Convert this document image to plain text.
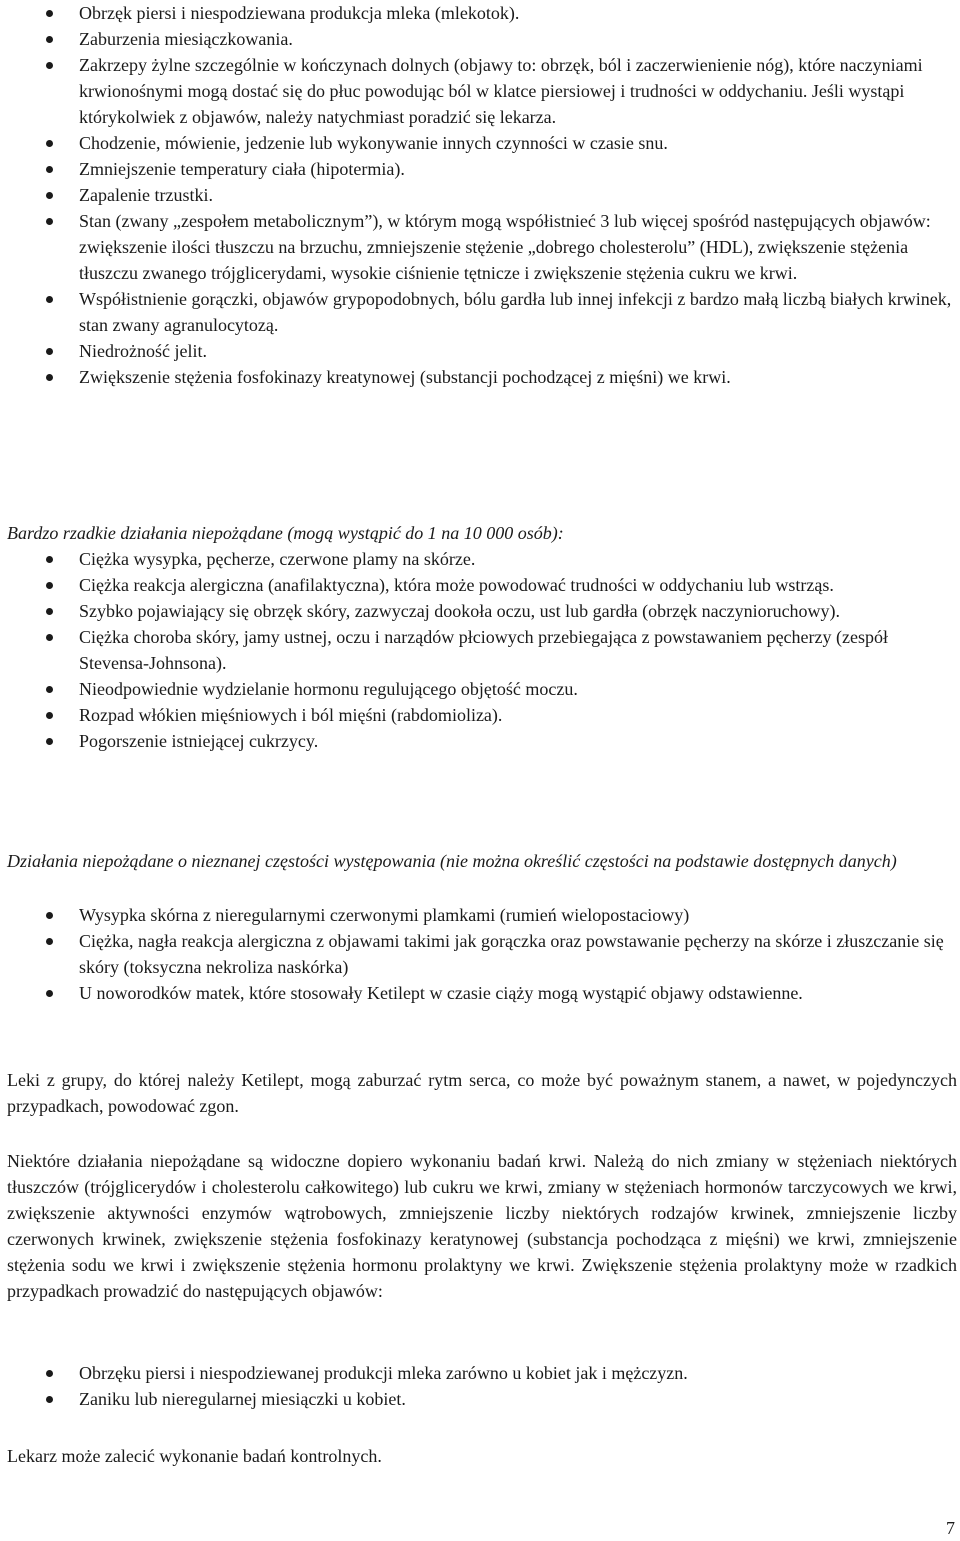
Obrzęk piersi i niespodziewana produkcja mleka (mlekotok).
Zaburzenia miesiączkowania.
Zakrzepy żylne szczególnie w kończynach dolnych (objawy to: obrzęk, ból i zaczerwienienie nóg), które naczyniami krwionośnymi mogą dostać się do płuc powodując ból w klatce piersiowej i trudności w oddychaniu. Jeśli wystąpi którykolwiek z objawów, należy natychmiast poradzić się lekarza.
Chodzenie, mówienie, jedzenie lub wykonywanie innych czynności w czasie snu.
Zmniejszenie temperatury ciała (hipotermia).
Zapalenie trzustki.
Stan (zwany „zespołem metabolicznym”), w którym mogą współistnieć 3 lub więcej spośród następujących objawów: zwiększenie ilości tłuszczu na brzuchu, zmniejszenie stężenie „dobrego cholesterolu” (HDL), zwiększenie stężenia tłuszczu zwanego trójglicerydami, wysokie ciśnienie tętnicze i zwiększenie stężenia cukru we krwi.
Współistnienie gorączki, objawów grypopodobnych, bólu gardła lub innej infekcji z bardzo małą liczbą białych krwinek, stan zwany agranulocytozą.
Niedrożność jelit.
Zwiększenie stężenia fosfokinazy kreatynowej (substancji pochodzącej z mięśni) we krwi.
Bardzo rzadkie działania niepożądane (mogą wystąpić do 1 na 10 000 osób):
Ciężka wysypka, pęcherze, czerwone plamy na skórze.
Ciężka reakcja alergiczna (anafilaktyczna), która może powodować trudności w oddychaniu lub wstrząs.
Szybko pojawiający się obrzęk skóry, zazwyczaj dookoła oczu, ust lub gardła (obrzęk naczynioruchowy).
Ciężka choroba skóry, jamy ustnej, oczu i narządów płciowych przebiegająca z powstawaniem pęcherzy (zespół Stevensa-Johnsona).
Nieodpowiednie wydzielanie hormonu regulującego objętość moczu.
Rozpad włókien mięśniowych i ból mięśni (rabdomioliza).
Pogorszenie istniejącej cukrzycy.
Działania niepożądane o nieznanej częstości występowania (nie można określić częstości na podstawie dostępnych danych)
Wysypka skórna z nieregularnymi czerwonymi plamkami (rumień wielopostaciowy)
Ciężka, nagła reakcja alergiczna z objawami takimi jak gorączka oraz powstawanie pęcherzy na skórze i złuszczanie się skóry (toksyczna nekroliza naskórka)
U noworodków matek, które stosowały Ketilept w czasie ciąży mogą wystąpić objawy odstawienne.
Leki z grupy, do której należy Ketilept, mogą zaburzać rytm serca, co może być poważnym stanem, a nawet, w pojedynczych przypadkach, powodować zgon.
Niektóre działania niepożądane są widoczne dopiero wykonaniu badań krwi. Należą do nich zmiany w stężeniach niektórych tłuszczów (trójglicerydów i cholesterolu całkowitego) lub cukru we krwi, zmiany w stężeniach hormonów tarczycowych we krwi, zwiększenie aktywności enzymów wątrobowych, zmniejszenie liczby niektórych rodzajów krwinek, zmniejszenie liczby czerwonych krwinek, zwiększenie stężenia fosfokinazy keratynowej (substancja pochodząca z mięśni) we krwi, zmniejszenie stężenia sodu we krwi i zwiększenie stężenia hormonu prolaktyny we krwi. Zwiększenie stężenia prolaktyny może w rzadkich przypadkach prowadzić do następujących objawów:
Obrzęku piersi i niespodziewanej produkcji mleka zarówno u kobiet jak i mężczyzn.
Zaniku lub nieregularnej miesiączki u kobiet.
Lekarz może zalecić wykonanie badań kontrolnych.
7
